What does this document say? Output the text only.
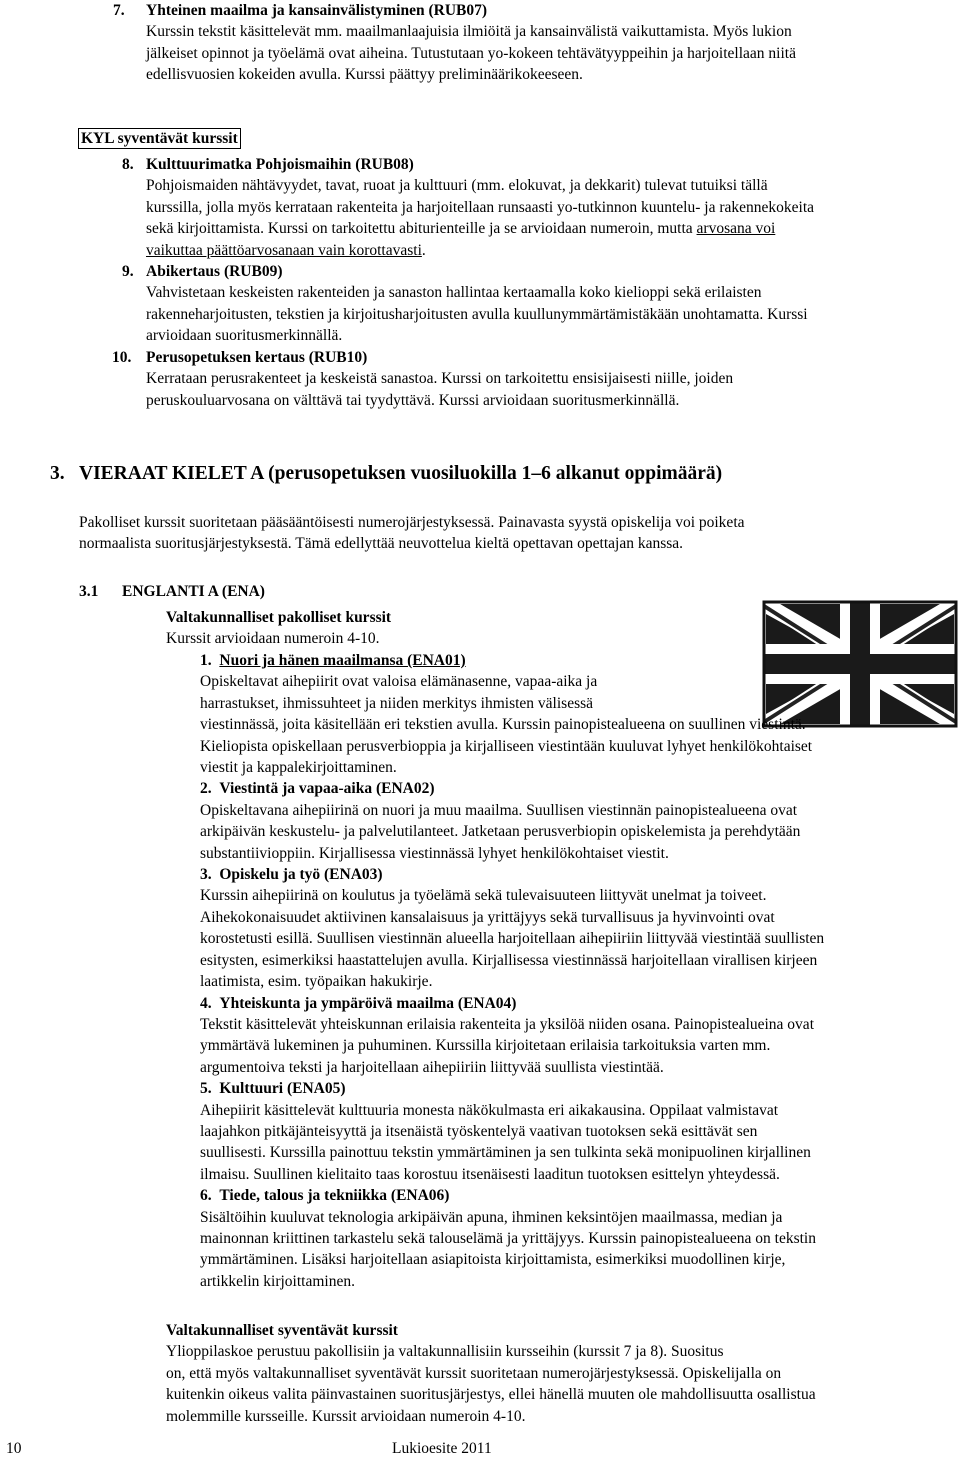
7. Yhteinen maailma ja kansainvälistyminen (RUB07)

Kurssin tekstit käsittelevät mm. maailmanlaajuisia ilmiöitä ja kansainvälistä vaikuttamista. Myös lukion

jälkeiset opinnot ja työelämä ovat aiheina. Tutustutaan yo-kokeen tehtävätyyppeihin ja harjoitellaan niitä

edellisvuosien kokeiden avulla. Kurssi päättyy preliminäärikokeeseen.

KYL syventävät kurssit
8. Kulttuurimatka Pohjoismaihin (RUB08)

Pohjoismaiden nähtävyydet, tavat, ruoat ja kulttuuri (mm. elokuvat, ja dekkarit) tulevat tutuiksi tällä

kurssilla, jolla myös kerrataan rakenteita ja harjoitellaan runsaasti yo-tutkinnon kuuntelu- ja rakennekokeita

sekä kirjoittamista. Kurssi on tarkoitettu abiturienteille ja se arvioidaan numeroin, mutta arvosana voi

vaikuttaa päättöarvosanaan vain korottavasti.

9. Abikertaus (RUB09)

Vahvistetaan keskeisten rakenteiden ja sanaston hallintaa kertaamalla koko kielioppi sekä erilaisten

rakenneharjoitusten, tekstien ja kirjoitusharjoitusten avulla kuullunymmärtämistäkään unohtamatta. Kurssi

arvioidaan suoritusmerkinnällä.

10. Perusopetuksen kertaus (RUB10)

Kerrataan perusrakenteet ja keskeistä sanastoa. Kurssi on tarkoitettu ensisijaisesti niille, joiden

peruskouluarvosana on välttävä tai tyydyttävä. Kurssi arvioidaan suoritusmerkinnällä.

3. VIERAAT KIELET A (perusopetuksen vuosiluokilla 1–6 alkanut oppimäärä)

Pakolliset kurssit suoritetaan pääsääntöisesti numerojärjestyksessä. Painavasta syystä opiskelija voi poiketa

normaalista suoritusjärjestyksestä. Tämä edellyttää neuvottelua kieltä opettavan opettajan kanssa.

3.1 ENGLANTI A (ENA)

Valtakunnalliset pakolliset kurssit

Kurssit arvioidaan numeroin 4-10.

1. Nuori ja hänen maailmansa (ENA01)

Opiskeltavat aihepiirit ovat valoisa elämänasenne, vapaa-aika ja

harrastukset, ihmissuhteet ja niiden merkitys ihmisten välisessä

viestinnässä, joita käsitellään eri tekstien avulla. Kurssin painopistealueena on suullinen viestintä.

Kieliopista opiskellaan perusverbioppia ja kirjalliseen viestintään kuuluvat lyhyet henkilökohtaiset

viestit ja kappalekirjoittaminen.

2. Viestintä ja vapaa-aika (ENA02)

Opiskeltavana aihepiirinä on nuori ja muu maailma. Suullisen viestinnän painopistealueena ovat

arkipäivän keskustelu- ja palvelutilanteet. Jatketaan perusverbiopin opiskelemista ja perehdytään

substantiivioppiin. Kirjallisessa viestinnässä lyhyet henkilökohtaiset viestit.

3. Opiskelu ja työ (ENA03)

Kurssin aihepiirinä on koulutus ja työelämä sekä tulevaisuuteen liittyvät unelmat ja toiveet.

Aihekokonaisuudet aktiivinen kansalaisuus ja yrittäjyys sekä turvallisuus ja hyvinvointi ovat

korostetusti esillä. Suullisen viestinnän alueella harjoitellaan aihepiiriin liittyvää viestintää suullisten

esitysten, esimerkiksi haastattelujen avulla. Kirjallisessa viestinnässä harjoitellaan virallisen kirjeen

laatimista, esim. työpaikan hakukirje.

4. Yhteiskunta ja ympäröivä maailma (ENA04)

Tekstit käsittelevät yhteiskunnan erilaisia rakenteita ja yksilöä niiden osana. Painopistealueina ovat

ymmärtävä lukeminen ja puhuminen. Kurssilla kirjoitetaan erilaisia tarkoituksia varten mm.

argumentoiva teksti ja harjoitellaan aihepiiriin liittyvää suullista viestintää.

5. Kulttuuri (ENA05)

Aihepiirit käsittelevät kulttuuria monesta näkökulmasta eri aikakausina. Oppilaat valmistavat

laajahkon pitkäjänteisyyttä ja itsenäistä työskentelyä vaativan tuotoksen sekä esittävät sen

suullisesti. Kurssilla painottuu tekstin ymmärtäminen ja sen tulkinta sekä monipuolinen kirjallinen

ilmaisu. Suullinen kielitaito taas korostuu itsenäisesti laaditun tuotoksen esittelyn yhteydessä.

6. Tiede, talous ja tekniikka (ENA06)

Sisältöihin kuuluvat teknologia arkipäivän apuna, ihminen keksintöjen maailmassa, median ja

mainonnan kriittinen tarkastelu sekä talouselämä ja yrittäjyys. Kurssin painopistealueena on tekstin

ymmärtäminen. Lisäksi harjoitellaan asiapitoista kirjoittamista, esimerkiksi muodollinen kirje,

artikkelin kirjoittaminen.

Valtakunnalliset syventävät kurssit

Ylioppilaskoe perustuu pakollisiin ja valtakunnallisiin kursseihin (kurssit 7 ja 8). Suositus

on, että myös valtakunnalliset syventävät kurssit suoritetaan numerojärjestyksessä. Opiskelijalla on

kuitenkin oikeus valita päinvastainen suoritusjärjestys, ellei hänellä muuten ole mahdollisuutta osallistua

molemmille kursseille. Kurssit arvioidaan numeroin 4-10.

10	Lukioesite 2011
